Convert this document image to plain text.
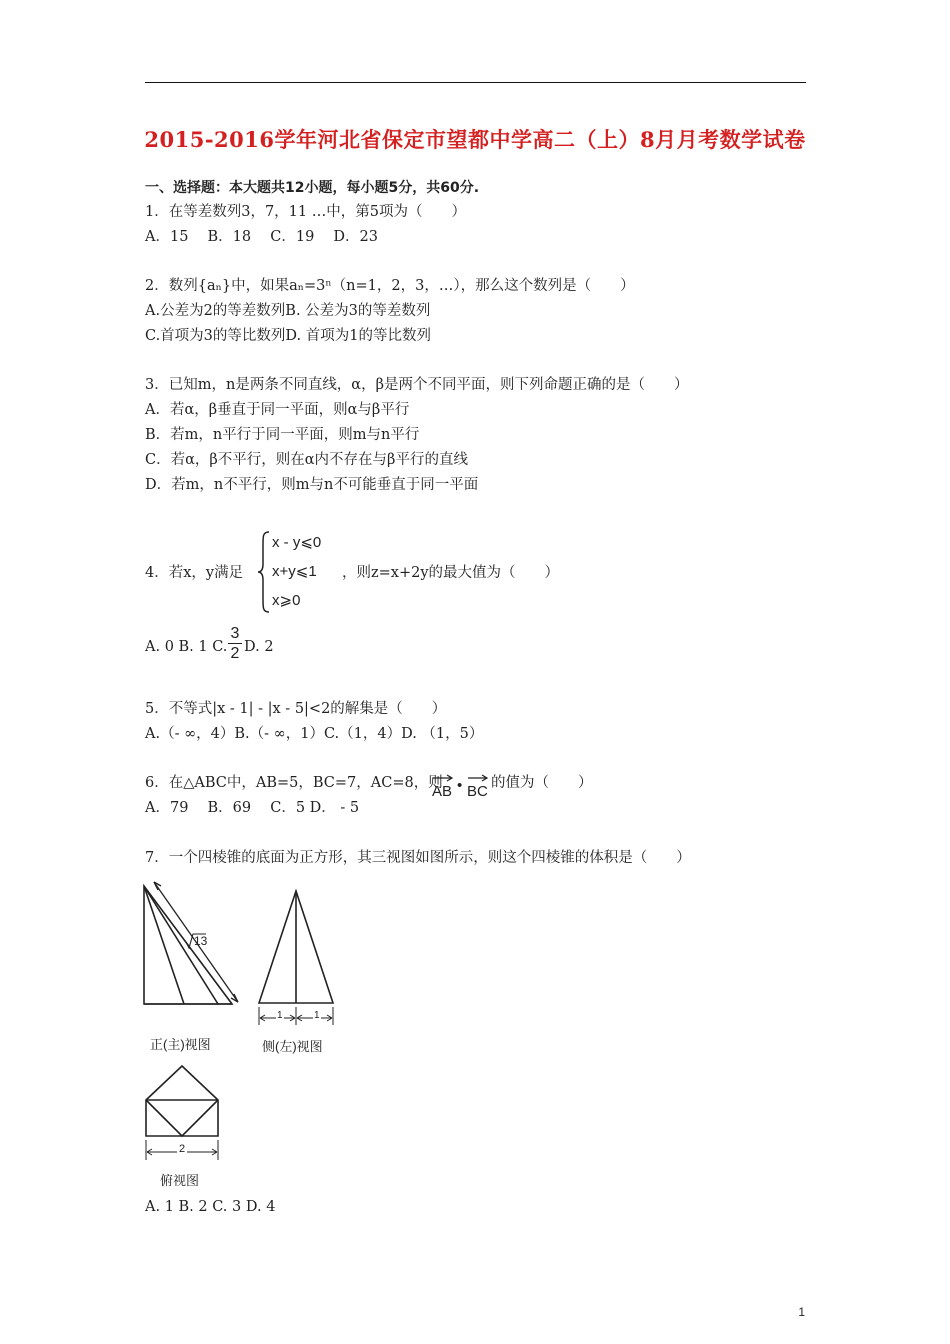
2015-2016学年河北省保定市望都中学高二（上）8月月考数学试卷
一、选择题：本大题共12小题，每小题5分，共60分.
1．在等差数列3，7，11 …中，第5项为（　　）
A．15　 B．18　 C．19　 D．23
2．数列{aₙ}中，如果aₙ=3ⁿ（n=1，2，3，…），那么这个数列是（　　）
A.公差为2的等差数列B. 公差为3的等差数列
C.首项为3的等比数列D. 首项为1的等比数列
3．已知m，n是两条不同直线，α，β是两个不同平面，则下列命题正确的是（　　）
A．若α，β垂直于同一平面，则α与β平行
B．若m，n平行于同一平面，则m与n平行
C．若α，β不平行，则在α内不存在与β平行的直线
D．若m，n不平行，则m与n不可能垂直于同一平面
4．若x，y满足
x - y⩽0
x+y⩽1
x⩾0
，则z=x+2y的最大值为（　　）
A. 0 B. 1 C.
3
2 D. 2
5．不等式|x - 1| - |x - 5|<2的解集是（　　）
A.（- ∞，4）B.（- ∞，1）C.（1，4）D. （1，5）
6．在△ABC中，AB=5，BC=7，AC=8，则
AB • BC 的值为（　　）
A．79　 B．69　 C．5 D． - 5
7．一个四棱锥的底面为正方形，其三视图如图所示，则这个四棱锥的体积是（　　）
13
正(主)视图
1	1
侧(左)视图
2
俯视图
A. 1 B. 2 C. 3 D. 4
1
